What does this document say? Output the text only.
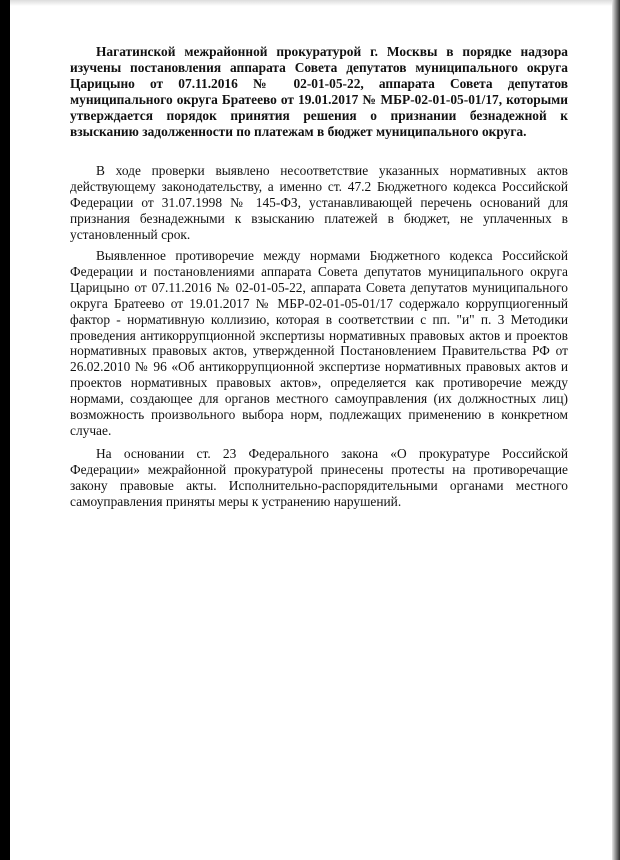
Нагатинской межрайонной прокуратурой г. Москвы в порядке надзора изучены постановления аппарата Совета депутатов муниципального округа Царицыно от 07.11.2016 № 02-01-05-22, аппарата Совета депутатов муниципального округа Братеево от 19.01.2017 № МБР-02-01-05-01/17, которыми утверждается порядок принятия решения о признании безнадежной к взысканию задолженности по платежам в бюджет муниципального округа.

В ходе проверки выявлено несоответствие указанных нормативных актов действующему законодательству, а именно ст. 47.2 Бюджетного кодекса Российской Федерации от 31.07.1998 № 145-ФЗ, устанавливающей перечень оснований для признания безнадежными к взысканию платежей в бюджет, не уплаченных в установленный срок.

Выявленное противоречие между нормами Бюджетного кодекса Российской Федерации и постановлениями аппарата Совета депутатов муниципального округа Царицыно от 07.11.2016 № 02-01-05-22, аппарата Совета депутатов муниципального округа Братеево от 19.01.2017 № МБР-02-01-05-01/17 содержало коррупциогенный фактор - нормативную коллизию, которая в соответствии с пп. "и" п. 3 Методики проведения антикоррупционной экспертизы нормативных правовых актов и проектов нормативных правовых актов, утвержденной Постановлением Правительства РФ от 26.02.2010 № 96 «Об антикоррупционной экспертизе нормативных правовых актов и проектов нормативных правовых актов», определяется как противоречие между нормами, создающее для органов местного самоуправления (их должностных лиц) возможность произвольного выбора норм, подлежащих применению в конкретном случае.

На основании ст. 23 Федерального закона «О прокуратуре Российской Федерации» межрайонной прокуратурой принесены протесты на противоречащие закону правовые акты. Исполнительно-распорядительными органами местного самоуправления приняты меры к устранению нарушений.
